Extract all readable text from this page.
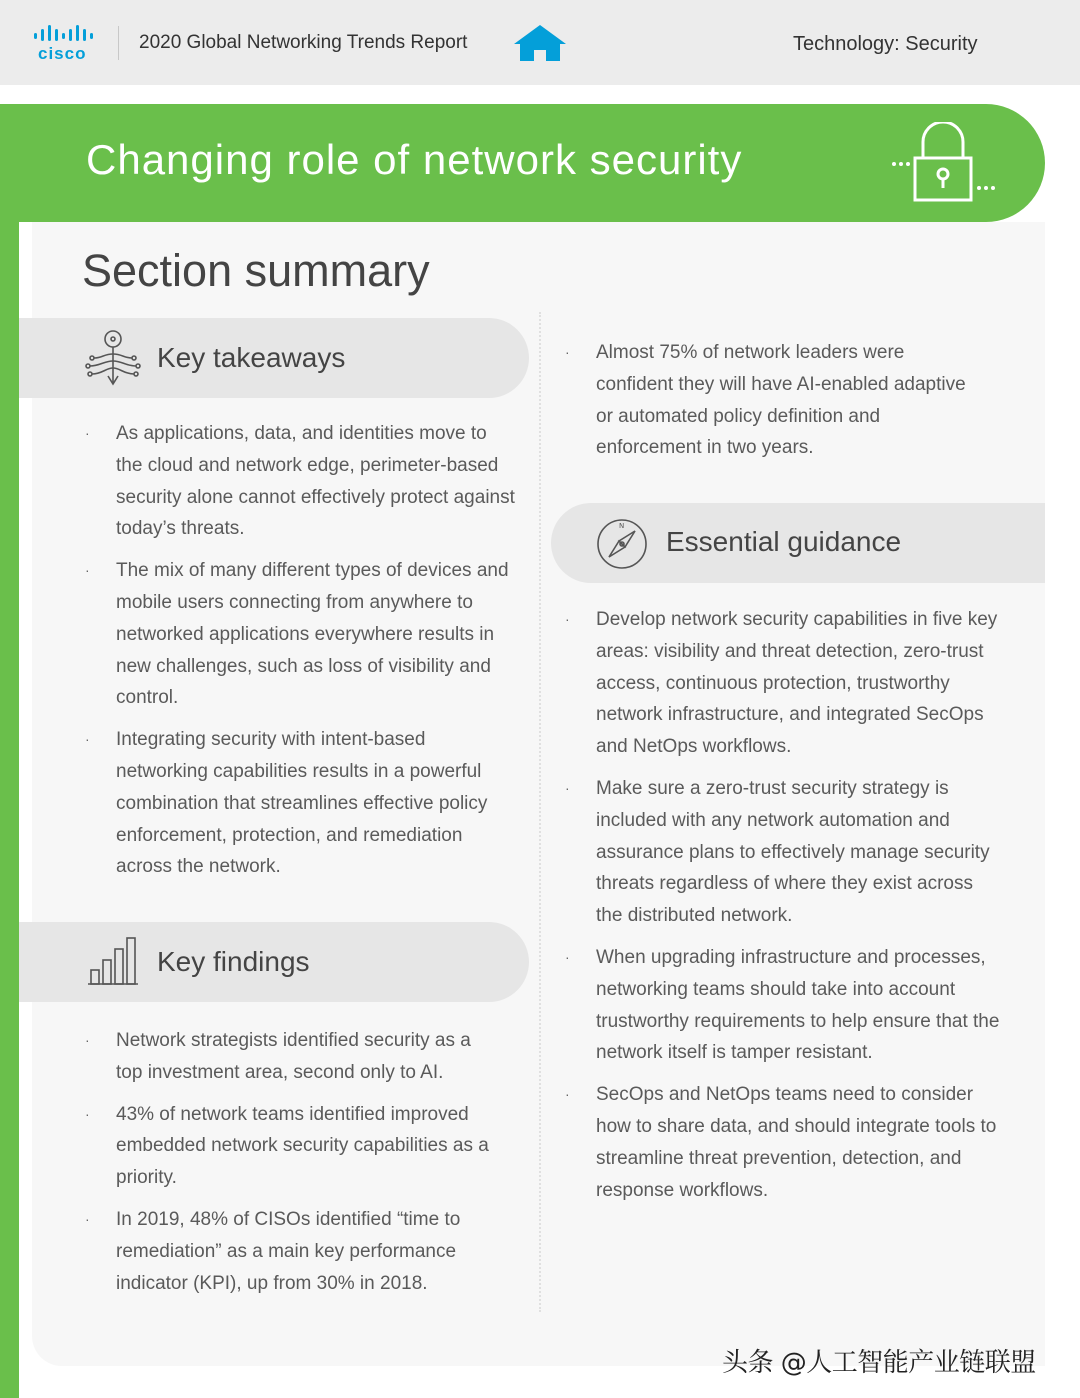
cisco
2020 Global Networking Trends Report	Technology: Security
Changing role of network security
Section summary
Key takeaways
· As applications, data, and identities move to the cloud and network edge, perimeter-based security alone cannot effectively protect against today’s threats.
· The mix of many different types of devices and mobile users connecting from anywhere to networked applications everywhere results in new challenges, such as loss of visibility and control.
· Integrating security with intent-based networking capabilities results in a powerful combination that streamlines effective policy enforcement, protection, and remediation across the network.
Key findings
· Network strategists identified security as a top investment area, second only to AI.
· 43% of network teams identified improved embedded network security capabilities as a priority.
· In 2019, 48% of CISOs identified “time to remediation” as a main key performance indicator (KPI), up from 30% in 2018.
· Almost 75% of network leaders were confident they will have AI-enabled adaptive or automated policy definition and enforcement in two years.
N Essential guidance
· Develop network security capabilities in five key areas: visibility and threat detection, zero-trust access, continuous protection, trustworthy network infrastructure, and integrated SecOps and NetOps workflows.
· Make sure a zero-trust security strategy is included with any network automation and assurance plans to effectively manage security threats regardless of where they exist across the distributed network.
· When upgrading infrastructure and processes, networking teams should take into account trustworthy requirements to help ensure that the network itself is tamper resistant.
· SecOps and NetOps teams need to consider how to share data, and should integrate tools to streamline threat prevention, detection, and response workflows.
头条 @人工智能产业链联盟
